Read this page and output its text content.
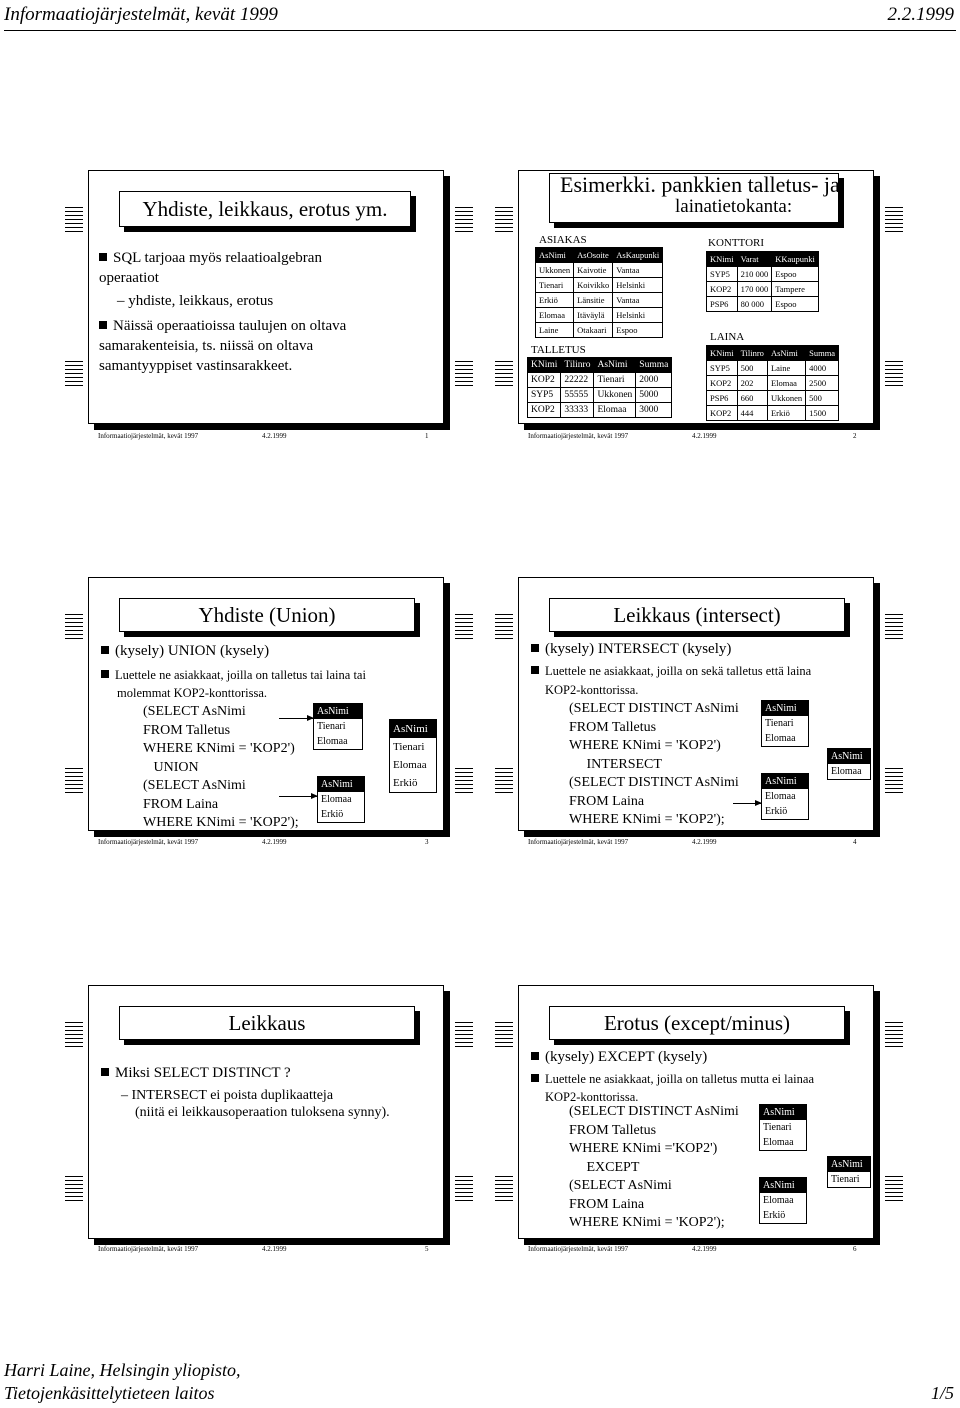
Informaatiojärjestelmät, kevät 1999	2.2.1999
Yhdiste, leikkaus, erotus ym.
SQL tarjoaa myös relaatioalgebran
operaatiot
– yhdiste, leikkaus, erotus
Näissä operaatioissa taulujen on oltava
samarakenteisia, ts. niissä on oltava
samantyyppiset vastinsarakkeet.
Informaatiojärjestelmät, kevät 1997	4.2.1999	1
Esimerkki. pankkien talletus- ja
lainatietokanta:
ASIAKAS
AsNimi	AsOsoite	AsKaupunki
Ukkonen	Kaivotie	Vantaa
Tienari	Koivikko	Helsinki
Erkiö	Länsitie	Vantaa
Elomaa	Itäväylä	Helsinki
Laine	Otakaari	Espoo
TALLETUS
KNimi	Tilinro	AsNimi	Summa
KOP2	22222	Tienari	2000
SYP5	55555	Ukkonen	5000
KOP2	33333	Elomaa	3000
KONTTORI
KNimi	Varat	KKaupunki
SYP5	210 000	Espoo
KOP2	170 000	Tampere
PSP6	80 000	Espoo
LAINA
KNimi	Tilinro	AsNimi	Summa
SYP5	500	Laine	4000
KOP2	202	Elomaa	2500
PSP6	660	Ukkonen	500
KOP2	444	Erkiö	1500
Informaatiojärjestelmät, kevät 1997	4.2.1999	2
Yhdiste (Union)
(kysely) UNION (kysely)
Luettele ne asiakkaat, joilla on talletus tai laina tai
molemmat KOP2-konttorissa.
(SELECT AsNimi
FROM Talletus
WHERE KNimi = 'KOP2')
UNION
(SELECT AsNimi
FROM Laina
WHERE KNimi = 'KOP2');
AsNimi
Tienari
Elomaa
AsNimi
Elomaa
Erkiö
AsNimi
Tienari
Elomaa
Erkiö
Informaatiojärjestelmät, kevät 1997	4.2.1999	3
Leikkaus (intersect)
(kysely) INTERSECT (kysely)
Luettele ne asiakkaat, joilla on sekä talletus että laina
KOP2-konttorissa.
(SELECT DISTINCT AsNimi
FROM Talletus
WHERE KNimi = 'KOP2')
INTERSECT
(SELECT DISTINCT AsNimi
FROM Laina
WHERE KNimi = 'KOP2');
AsNimi
Tienari
Elomaa
AsNimi
Elomaa
Erkiö
AsNimi
Elomaa
Informaatiojärjestelmät, kevät 1997	4.2.1999	4
Leikkaus
Miksi SELECT DISTINCT ?
– INTERSECT ei poista duplikaatteja
(niitä ei leikkausoperaation tuloksena synny).
Informaatiojärjestelmät, kevät 1997	4.2.1999	5
Erotus (except/minus)
(kysely) EXCEPT (kysely)
Luettele ne asiakkaat, joilla on talletus mutta ei lainaa
KOP2-konttorissa.
(SELECT DISTINCT AsNimi
FROM Talletus
WHERE KNimi ='KOP2')
EXCEPT
(SELECT AsNimi
FROM Laina
WHERE KNimi = 'KOP2');
AsNimi
Tienari
Elomaa
AsNimi
Elomaa
Erkiö
AsNimi
Tienari
Informaatiojärjestelmät, kevät 1997	4.2.1999	6
Harri Laine, Helsingin yliopisto,
Tietojenkäsittelytieteen laitos	1/5
